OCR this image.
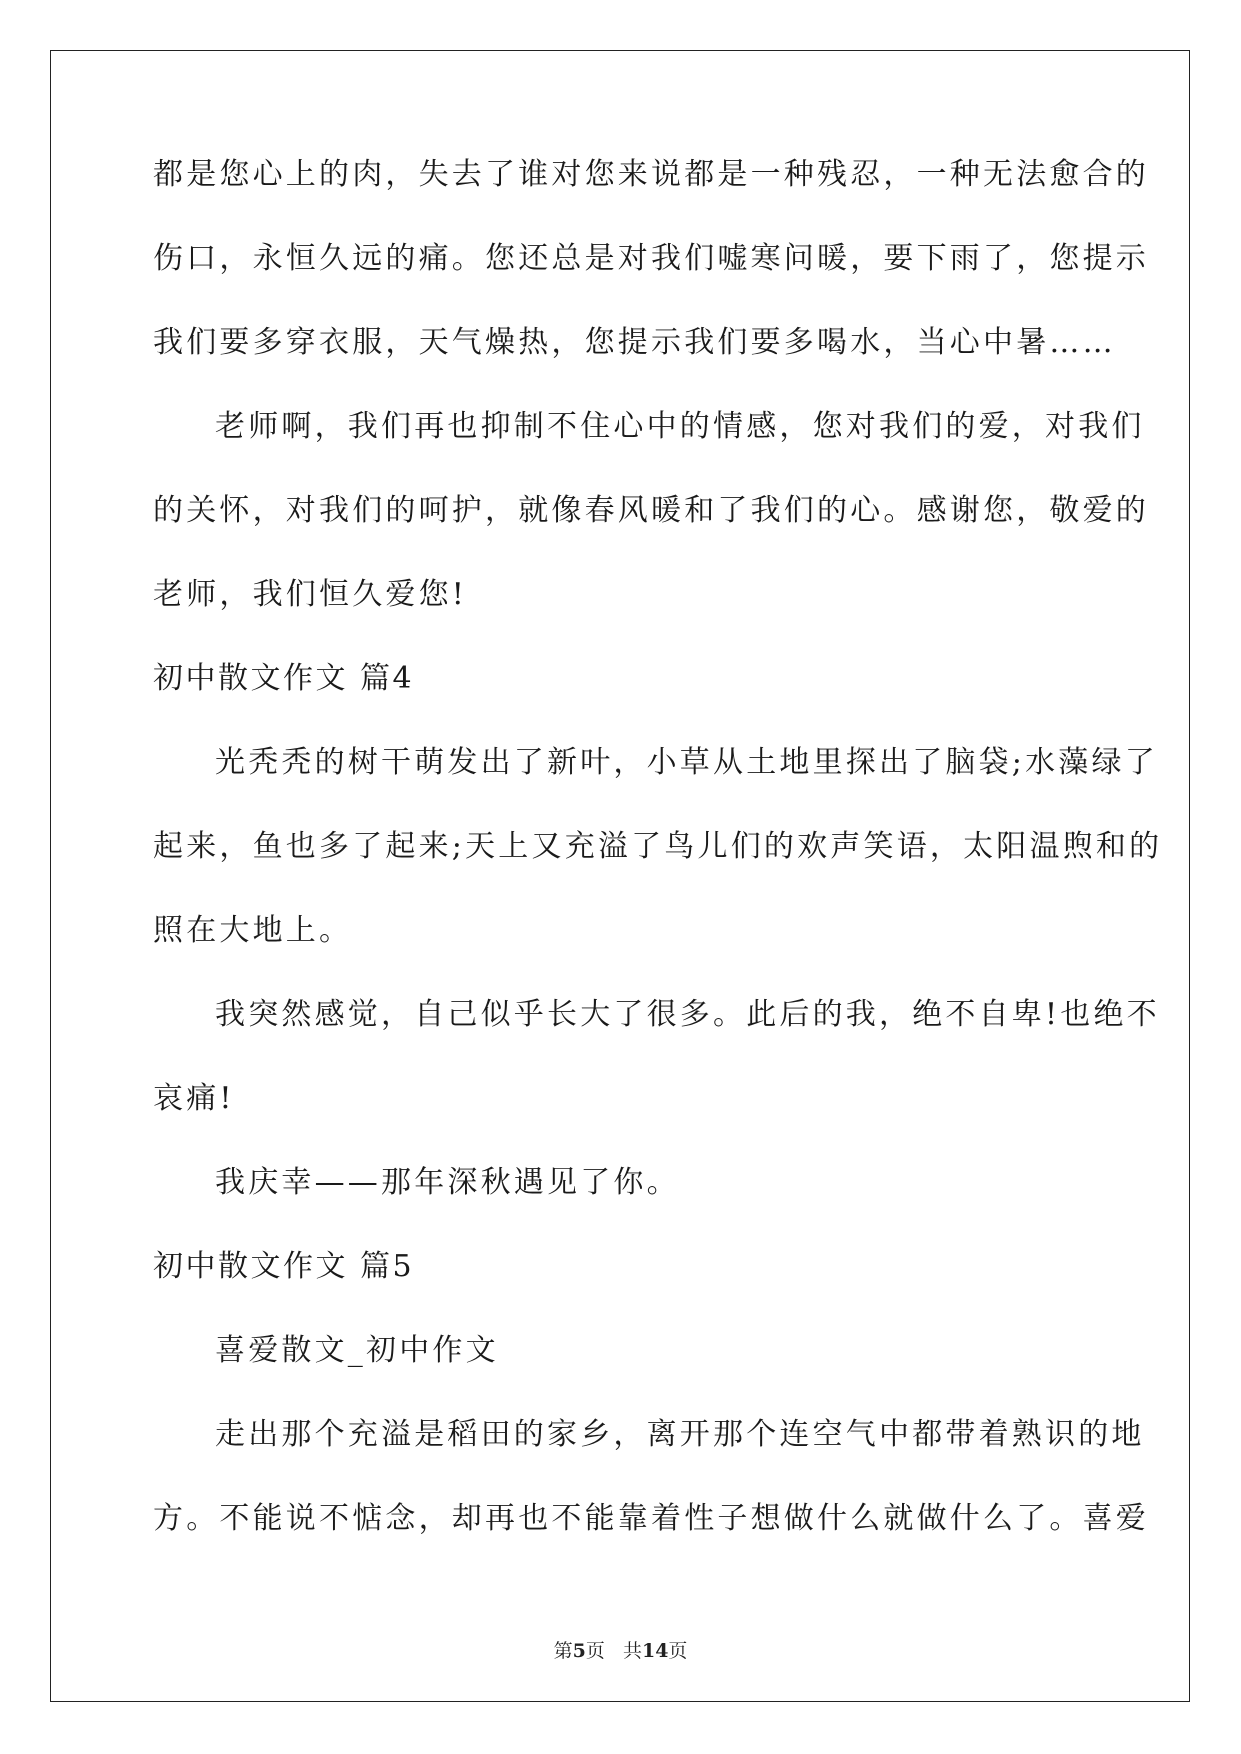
都是您心上的肉，失去了谁对您来说都是一种残忍，一种无法愈合的
伤口，永恒久远的痛。您还总是对我们嘘寒问暖，要下雨了，您提示
我们要多穿衣服，天气燥热，您提示我们要多喝水，当心中暑……
老师啊，我们再也抑制不住心中的情感，您对我们的爱，对我们
的关怀，对我们的呵护，就像春风暖和了我们的心。感谢您，敬爱的
老师，我们恒久爱您!
初中散文作文 篇4
光秃秃的树干萌发出了新叶，小草从土地里探出了脑袋;水藻绿了
起来，鱼也多了起来;天上又充溢了鸟儿们的欢声笑语，太阳温煦和的
照在大地上。
我突然感觉，自己似乎长大了很多。此后的我，绝不自卑!也绝不
哀痛!
我庆幸——那年深秋遇见了你。
初中散文作文 篇5
喜爱散文_初中作文
走出那个充溢是稻田的家乡，离开那个连空气中都带着熟识的地
方。不能说不惦念，却再也不能靠着性子想做什么就做什么了。喜爱
第5页 共14页
